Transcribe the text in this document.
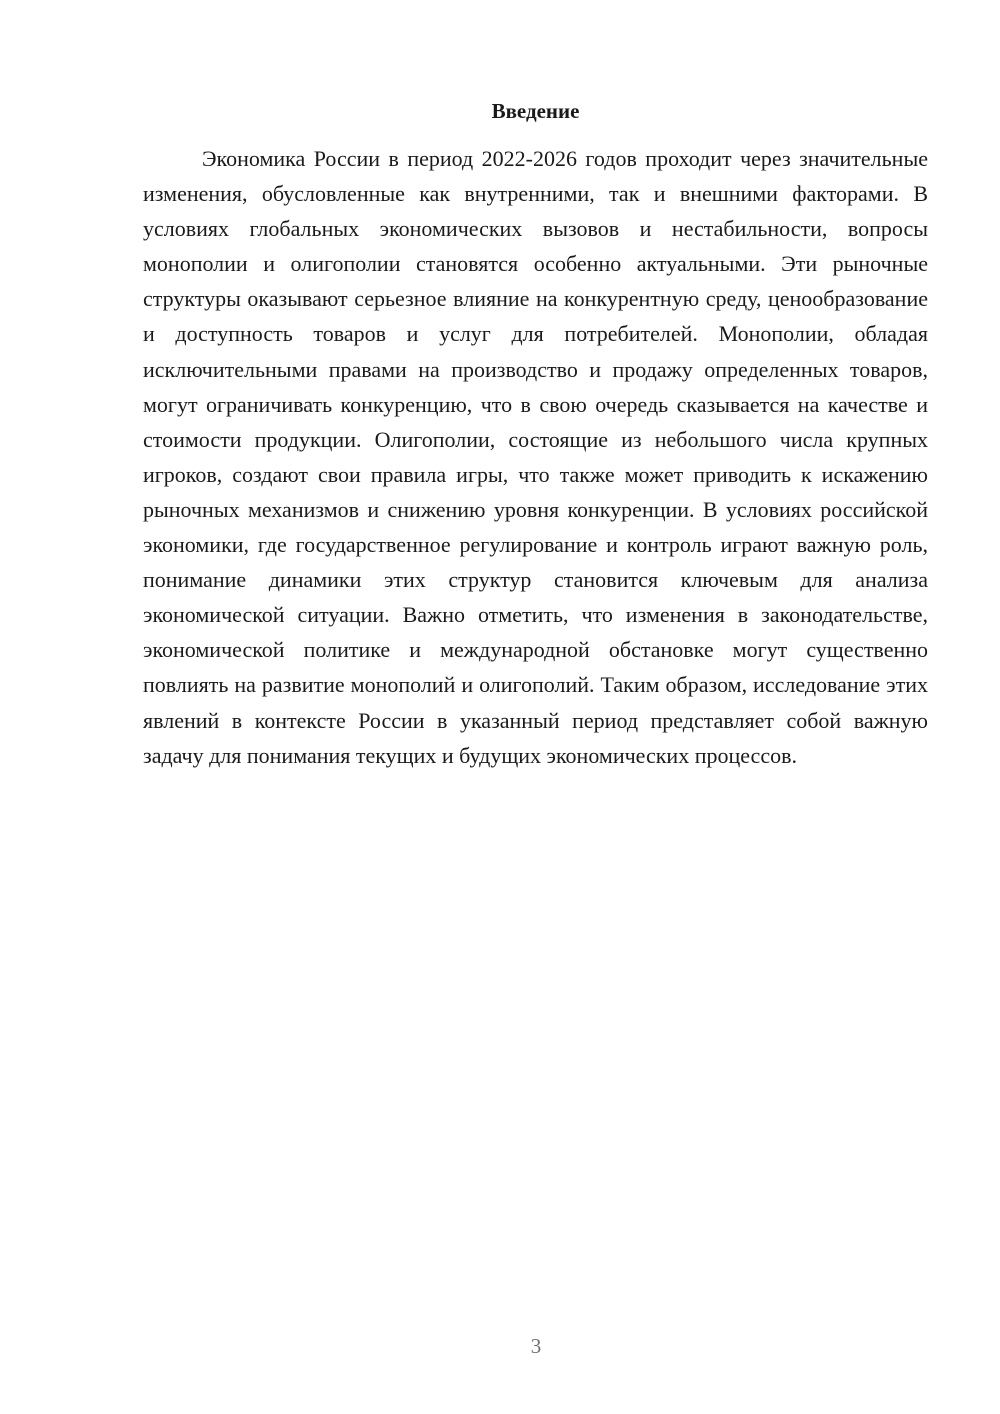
Введение

Экономика России в период 2022-2026 годов проходит через значительные изменения, обусловленные как внутренними, так и внешними факторами. В условиях глобальных экономических вызовов и нестабильности, вопросы монополии и олигополии становятся особенно актуальными. Эти рыночные структуры оказывают серьезное влияние на конкурентную среду, ценообразование и доступность товаров и услуг для потребителей. Монополии, обладая исключительными правами на производство и продажу определенных товаров, могут ограничивать конкуренцию, что в свою очередь сказывается на качестве и стоимости продукции. Олигополии, состоящие из небольшого числа крупных игроков, создают свои правила игры, что также может приводить к искажению рыночных механизмов и снижению уровня конкуренции. В условиях российской экономики, где государственное регулирование и контроль играют важную роль, понимание динамики этих структур становится ключевым для анализа экономической ситуации. Важно отметить, что изменения в законодательстве, экономической политике и международной обстановке могут существенно повлиять на развитие монополий и олигополий. Таким образом, исследование этих явлений в контексте России в указанный период представляет собой важную задачу для понимания текущих и будущих экономических процессов.

3
